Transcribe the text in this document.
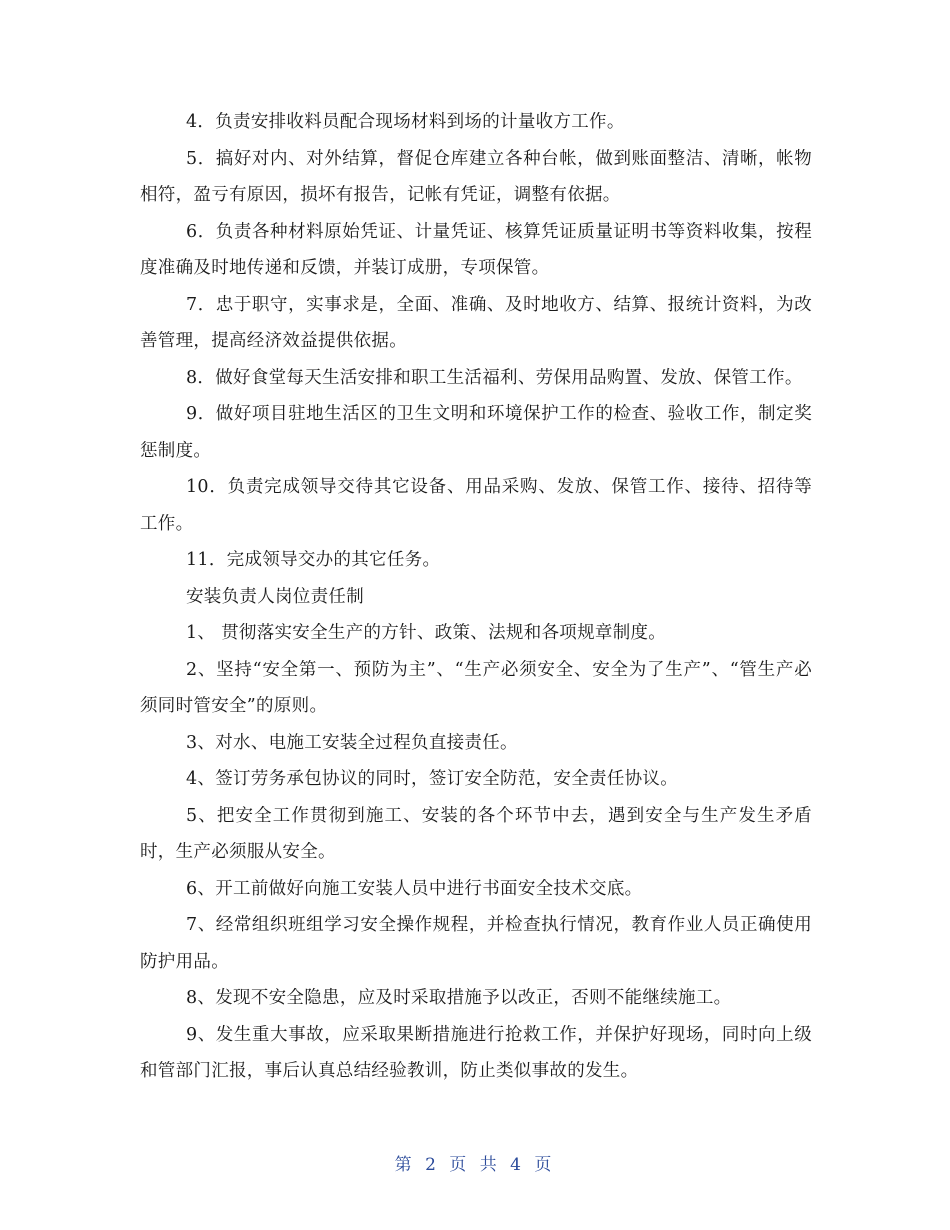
4．负责安排收料员配合现场材料到场的计量收方工作。

5．搞好对内、对外结算，督促仓库建立各种台帐，做到账面整洁、清晰，帐物相符，盈亏有原因，损坏有报告，记帐有凭证，调整有依据。

6．负责各种材料原始凭证、计量凭证、核算凭证质量证明书等资料收集，按程度准确及时地传递和反馈，并装订成册，专项保管。

7．忠于职守，实事求是，全面、准确、及时地收方、结算、报统计资料，为改善管理，提高经济效益提供依据。

8．做好食堂每天生活安排和职工生活福利、劳保用品购置、发放、保管工作。

9．做好项目驻地生活区的卫生文明和环境保护工作的检查、验收工作，制定奖惩制度。

10．负责完成领导交待其它设备、用品采购、发放、保管工作、接待、招待等工作。

11．完成领导交办的其它任务。

安装负责人岗位责任制

1、 贯彻落实安全生产的方针、政策、法规和各项规章制度。

2、坚持“安全第一、预防为主”、“生产必须安全、安全为了生产”、“管生产必须同时管安全”的原则。

3、对水、电施工安装全过程负直接责任。

4、签订劳务承包协议的同时，签订安全防范，安全责任协议。

5、把安全工作贯彻到施工、安装的各个环节中去，遇到安全与生产发生矛盾时，生产必须服从安全。

6、开工前做好向施工安装人员中进行书面安全技术交底。

7、经常组织班组学习安全操作规程，并检查执行情况，教育作业人员正确使用防护用品。

8、发现不安全隐患，应及时采取措施予以改正，否则不能继续施工。

9、发生重大事故，应采取果断措施进行抢救工作，并保护好现场，同时向上级和管部门汇报，事后认真总结经验教训，防止类似事故的发生。

第 2 页 共 4 页
